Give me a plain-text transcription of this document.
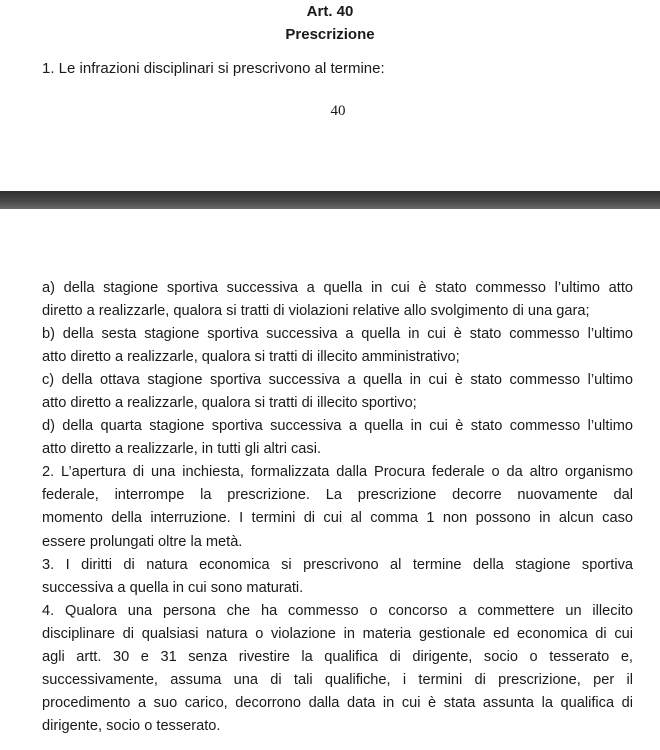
Art. 40
Prescrizione
1. Le infrazioni disciplinari si prescrivono al termine:
40

a) della stagione sportiva successiva a quella in cui è stato commesso l’ultimo atto

diretto a realizzarle, qualora si tratti di violazioni relative allo svolgimento di una gara;

b) della sesta stagione sportiva successiva a quella in cui è stato commesso l’ultimo

atto diretto a realizzarle, qualora si tratti di illecito amministrativo;

c) della ottava stagione sportiva successiva a quella in cui è stato commesso l’ultimo

atto diretto a realizzarle, qualora si tratti di illecito sportivo;

d) della quarta stagione sportiva successiva a quella in cui è stato commesso l’ultimo

atto diretto a realizzarle, in tutti gli altri casi.

2. L’apertura di una inchiesta, formalizzata dalla Procura federale o da altro organismo

federale, interrompe la prescrizione. La prescrizione decorre nuovamente dal

momento della interruzione. I termini di cui al comma 1 non possono in alcun caso

essere prolungati oltre la metà.

3. I diritti di natura economica si prescrivono al termine della stagione sportiva

successiva a quella in cui sono maturati.

4. Qualora una persona che ha commesso o concorso a commettere un illecito

disciplinare di qualsiasi natura o violazione in materia gestionale ed economica di cui

agli artt. 30 e 31 senza rivestire la qualifica di dirigente, socio o tesserato e,

successivamente, assuma una di tali qualifiche, i termini di prescrizione, per il

procedimento a suo carico, decorrono dalla data in cui è stata assunta la qualifica di

dirigente, socio o tesserato.
